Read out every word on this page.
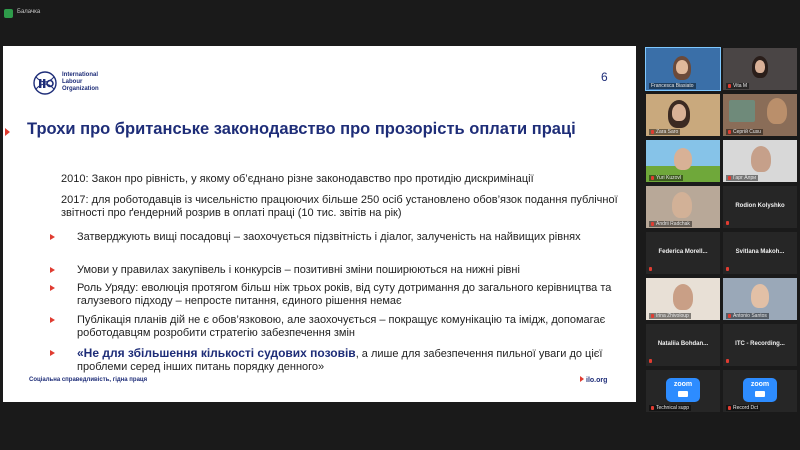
Балачка
International
Labour
Organization
6
Трохи про британське законодавство про прозорість оплати праці
2010: Закон про рівність, у якому об’єднано різне законодавство про протидію дискримінації
2017: для роботодавців із чисельністю працюючих більше 250 осіб установлено обов’язок подання публічної звітності про ґендерний розрив в оплаті праці (10 тис. звітів на рік)
Затверджують вищі посадовці – заохочується підзвітність і діалог, залученість на найвищих рівнях
Умови у правилах закупівель і конкурсів – позитивні зміни поширюються на нижні рівні
Роль Уряду: еволюція протягом більш ніж трьох років, від суту дотримання до загального керівництва та галузевого підходу – непросте питання, єдиного рішення немає
Публікація планів дій не є обов’язковою, але заохочується – покращує комунікацію та імідж, допомагає роботодавцям розробити стратегію забезпечення змін
«Не для збільшення кількості судових позовів, а лише для забезпечення пильної уваги до цієї проблеми серед інших питань порядку денного»
Соціальна справедливість, гідна праця	ilo.org
Francesca Biasiato	Vita M
Zara Saro	Сергій Cusu
Yuri Kuzovl	Гарг Алри
Andrii Radchak
Rodion Kolyshko
Federica Morell...	Svitlana Makoh...
Irina Zhivoloup	Antonio Santos
Nataliia Bohdan...	ITC - Recording...
zoom
Technical supp
zoom
Record Dct
